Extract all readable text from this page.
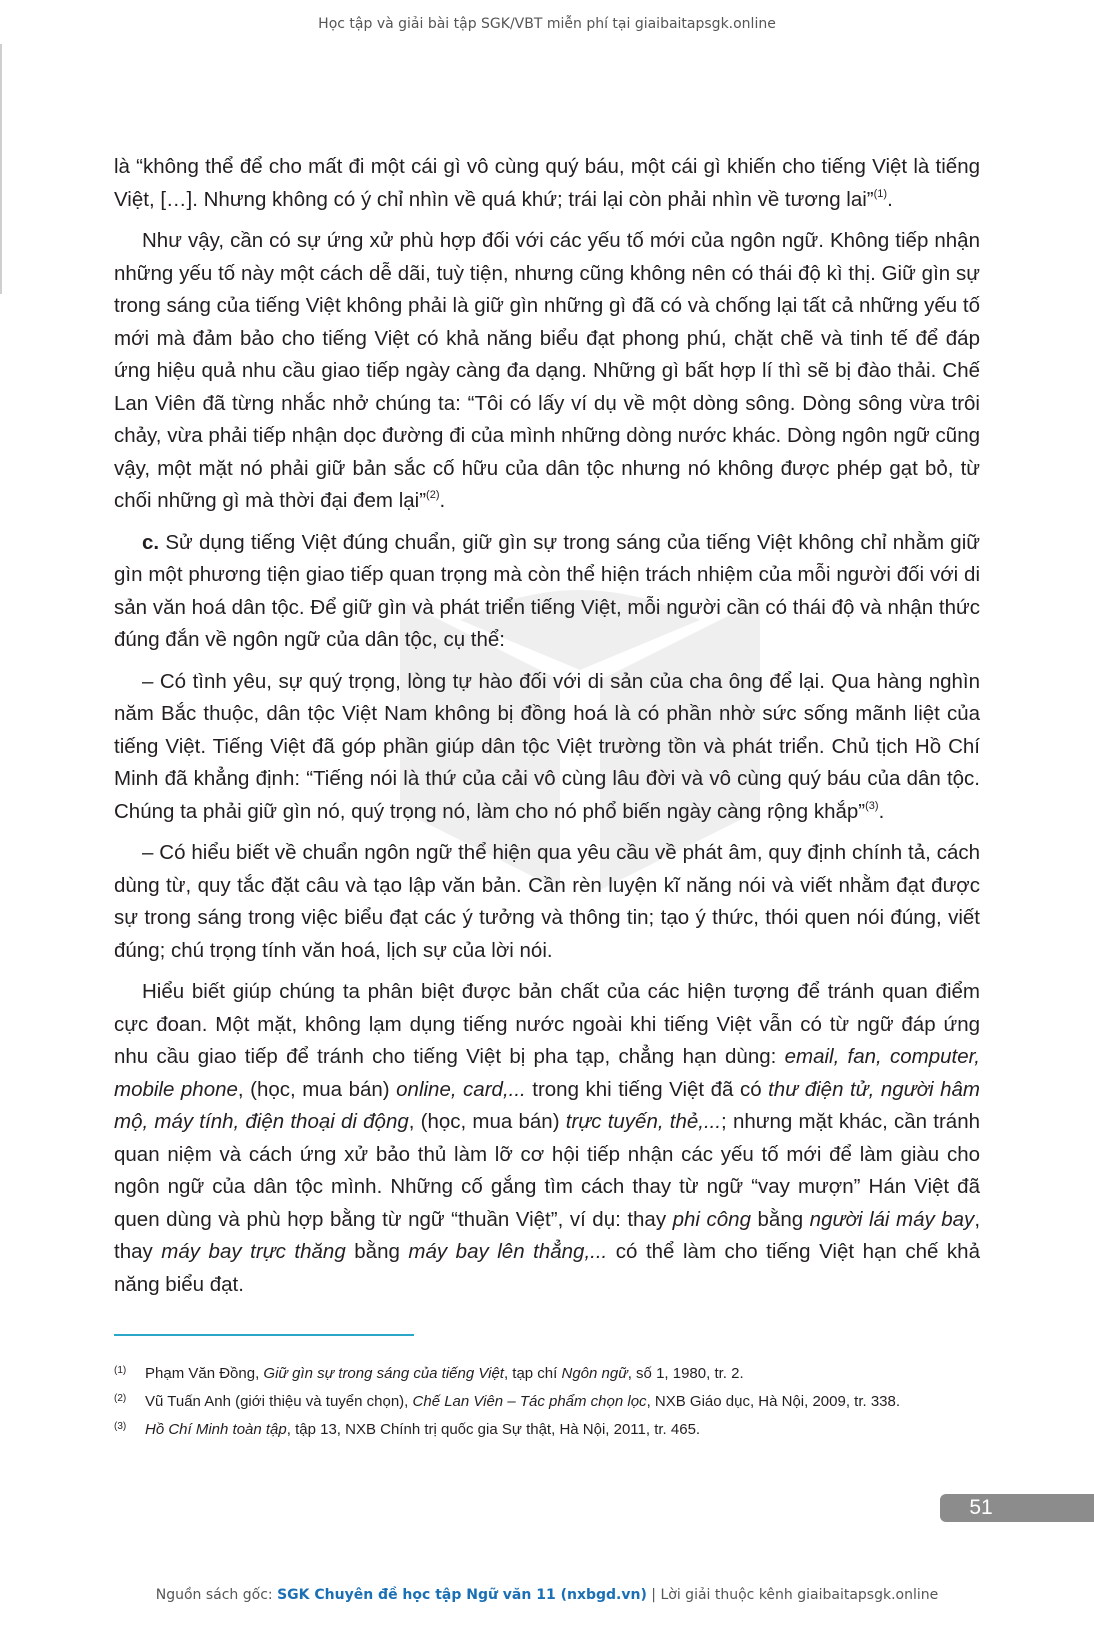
Học tập và giải bài tập SGK/VBT miễn phí tại giaibaitapsgk.online

là “không thể để cho mất đi một cái gì vô cùng quý báu, một cái gì khiến cho tiếng Việt là tiếng Việt, […]. Nhưng không có ý chỉ nhìn về quá khứ; trái lại còn phải nhìn về tương lai”$^{(1)}$.

Như vậy, cần có sự ứng xử phù hợp đối với các yếu tố mới của ngôn ngữ. Không tiếp nhận những yếu tố này một cách dễ dãi, tuỳ tiện, nhưng cũng không nên có thái độ kì thị. Giữ gìn sự trong sáng của tiếng Việt không phải là giữ gìn những gì đã có và chống lại tất cả những yếu tố mới mà đảm bảo cho tiếng Việt có khả năng biểu đạt phong phú, chặt chẽ và tinh tế để đáp ứng hiệu quả nhu cầu giao tiếp ngày càng đa dạng. Những gì bất hợp lí thì sẽ bị đào thải. Chế Lan Viên đã từng nhắc nhở chúng ta: “Tôi có lấy ví dụ về một dòng sông. Dòng sông vừa trôi chảy, vừa phải tiếp nhận dọc đường đi của mình những dòng nước khác. Dòng ngôn ngữ cũng vậy, một mặt nó phải giữ bản sắc cố hữu của dân tộc nhưng nó không được phép gạt bỏ, từ chối những gì mà thời đại đem lại”$^{(2)}$.

c. Sử dụng tiếng Việt đúng chuẩn, giữ gìn sự trong sáng của tiếng Việt không chỉ nhằm giữ gìn một phương tiện giao tiếp quan trọng mà còn thể hiện trách nhiệm của mỗi người đối với di sản văn hoá dân tộc. Để giữ gìn và phát triển tiếng Việt, mỗi người cần có thái độ và nhận thức đúng đắn về ngôn ngữ của dân tộc, cụ thể:

– Có tình yêu, sự quý trọng, lòng tự hào đối với di sản của cha ông để lại. Qua hàng nghìn năm Bắc thuộc, dân tộc Việt Nam không bị đồng hoá là có phần nhờ sức sống mãnh liệt của tiếng Việt. Tiếng Việt đã góp phần giúp dân tộc Việt trường tồn và phát triển. Chủ tịch Hồ Chí Minh đã khẳng định: “Tiếng nói là thứ của cải vô cùng lâu đời và vô cùng quý báu của dân tộc. Chúng ta phải giữ gìn nó, quý trọng nó, làm cho nó phổ biến ngày càng rộng khắp”$^{(3)}$.

– Có hiểu biết về chuẩn ngôn ngữ thể hiện qua yêu cầu về phát âm, quy định chính tả, cách dùng từ, quy tắc đặt câu và tạo lập văn bản. Cần rèn luyện kĩ năng nói và viết nhằm đạt được sự trong sáng trong việc biểu đạt các ý tưởng và thông tin; tạo ý thức, thói quen nói đúng, viết đúng; chú trọng tính văn hoá, lịch sự của lời nói.

Hiểu biết giúp chúng ta phân biệt được bản chất của các hiện tượng để tránh quan điểm cực đoan. Một mặt, không lạm dụng tiếng nước ngoài khi tiếng Việt vẫn có từ ngữ đáp ứng nhu cầu giao tiếp để tránh cho tiếng Việt bị pha tạp, chẳng hạn dùng: email, fan, computer, mobile phone, (học, mua bán) online, card,... trong khi tiếng Việt đã có thư điện tử, người hâm mộ, máy tính, điện thoại di động, (học, mua bán) trực tuyến, thẻ,...; nhưng mặt khác, cần tránh quan niệm và cách ứng xử bảo thủ làm lỡ cơ hội tiếp nhận các yếu tố mới để làm giàu cho ngôn ngữ của dân tộc mình. Những cố gắng tìm cách thay từ ngữ “vay mượn” Hán Việt đã quen dùng và phù hợp bằng từ ngữ “thuần Việt”, ví dụ: thay phi công bằng người lái máy bay, thay máy bay trực thăng bằng máy bay lên thẳng,... có thể làm cho tiếng Việt hạn chế khả năng biểu đạt.

(1) Phạm Văn Đồng, Giữ gìn sự trong sáng của tiếng Việt, tạp chí Ngôn ngữ, số 1, 1980, tr. 2.
(2) Vũ Tuấn Anh (giới thiệu và tuyển chọn), Chế Lan Viên – Tác phẩm chọn lọc, NXB Giáo dục, Hà Nội, 2009, tr. 338.
(3) Hồ Chí Minh toàn tập, tập 13, NXB Chính trị quốc gia Sự thật, Hà Nội, 2011, tr. 465.
51
Nguồn sách gốc: SGK Chuyên đề học tập Ngữ văn 11 (nxbgd.vn) | Lời giải thuộc kênh giaibaitapsgk.online
